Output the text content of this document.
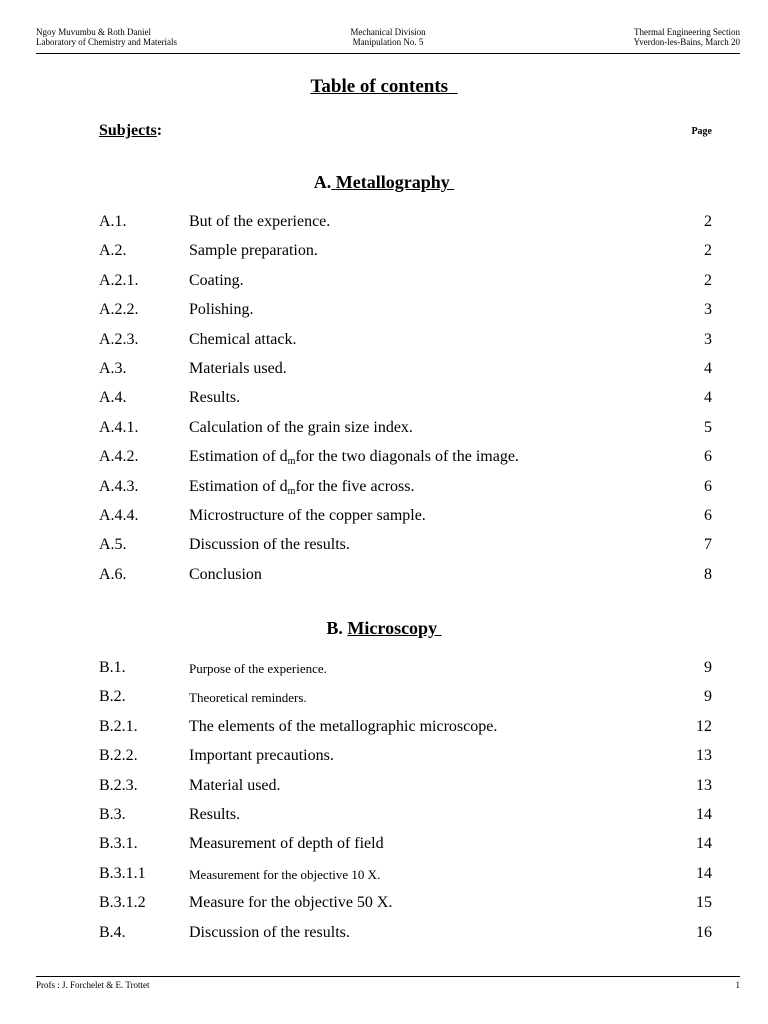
Ngoy Muvumbu & Roth Daniel
Laboratory of Chemistry and Materials
Mechanical Division
Manipulation No. 5
Thermal Engineering Section
Yverdon-les-Bains, March 20
Table of contents
Subjects:	Page
A. Metallography
A.1.	But of the experience.	2
A.2.	Sample preparation.	2
A.2.1.	Coating.	2
A.2.2.	Polishing.	3
A.2.3.	Chemical attack.	3
A.3.	Materials used.	4
A.4.	Results.	4
A.4.1.	Calculation of the grain size index.	5
A.4.2.	Estimation of $d_mfor$ the two diagonals of the image.	6
A.4.3.	Estimation of $d_mfor$ the five across.	6
A.4.4.	Microstructure of the copper sample.	6
A.5.	Discussion of the results.	7
A.6.	Conclusion	8
B. Microscopy
B.1.	Purpose of the experience.	9
B.2.	Theoretical reminders.	9
B.2.1.	The elements of the metallographic microscope.	12
B.2.2.	Important precautions.	13
B.2.3.	Material used.	13
B.3.	Results.	14
B.3.1.	Measurement of depth of field	14
B.3.1.1	Measurement for the objective 10 X.	14
B.3.1.2	Measure for the objective 50 X.	15
B.4.	Discussion of the results.	16
Profs : J. Forchelet & E. Trottet	1
